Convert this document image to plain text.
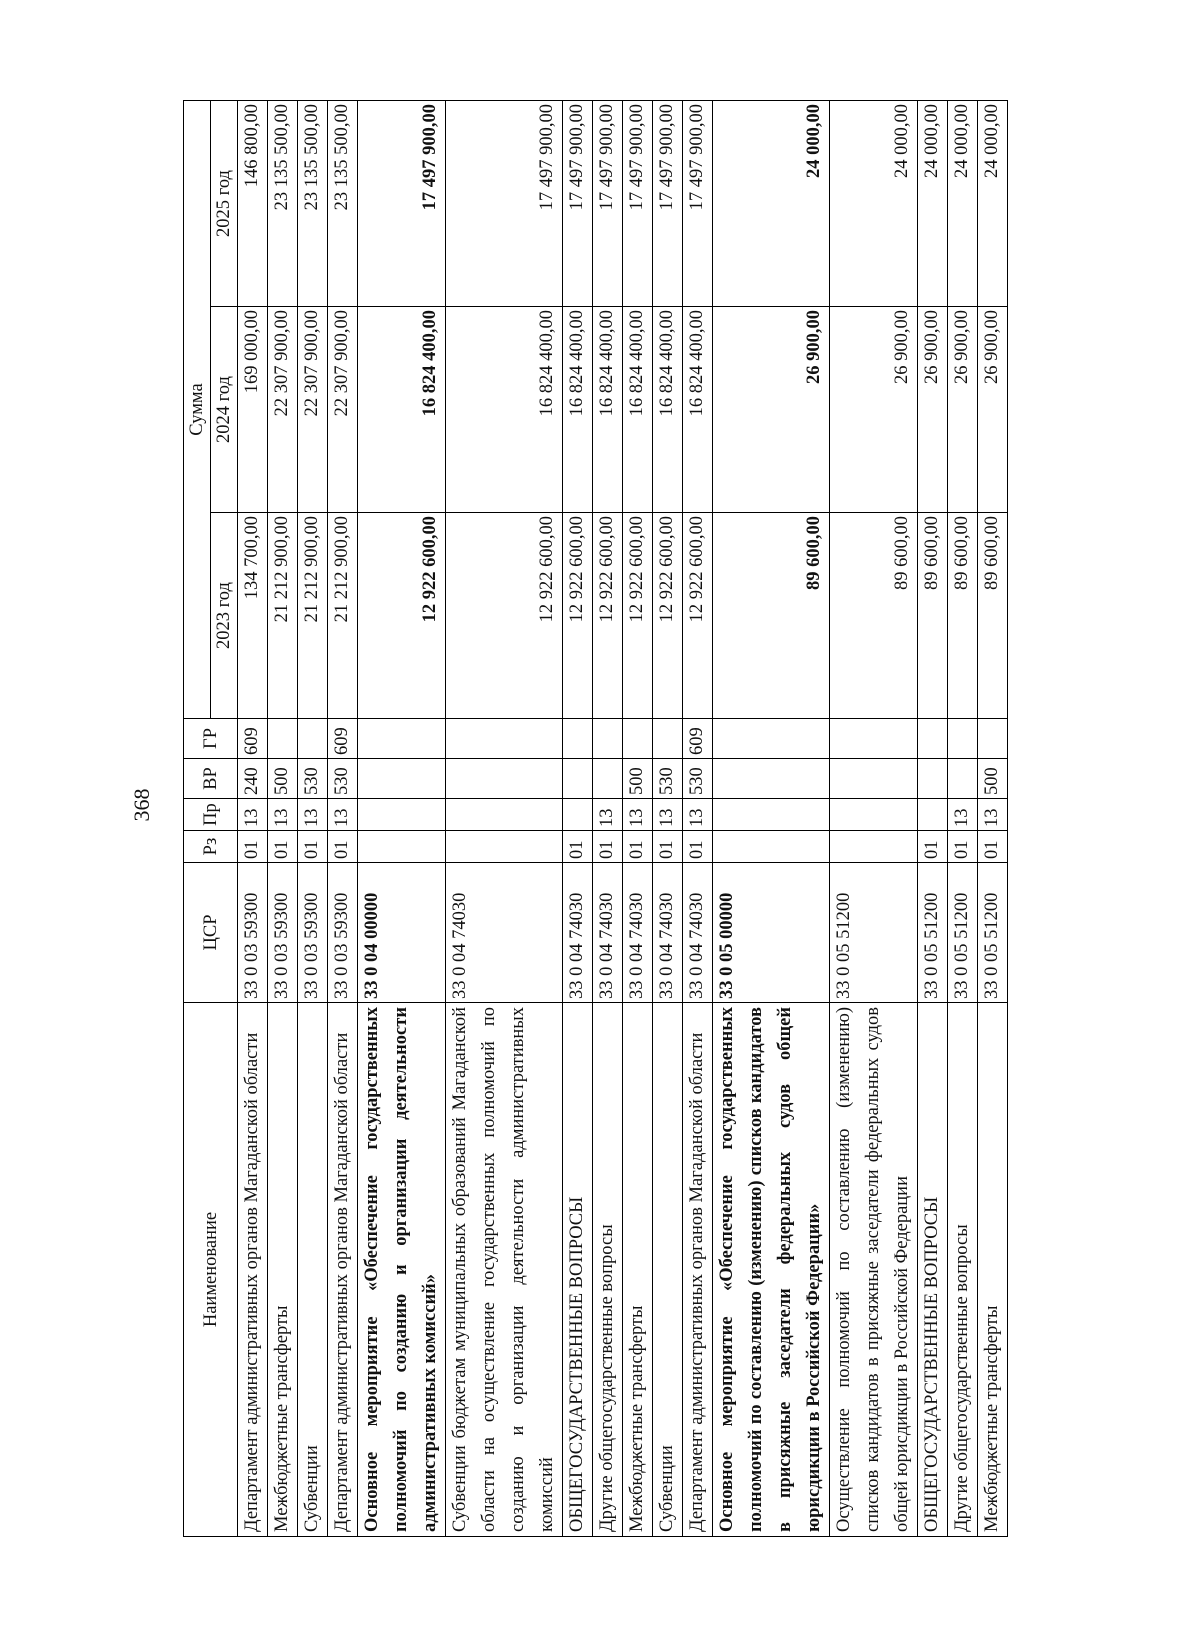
368
Наименование	ЦСР	Рз	Пр	ВР	ГР	Сумма		
						2023 год	2024 год	2025 год
Департамент административных органов Магаданской области	33 0 03 59300	01	13	240	609	134 700,00	169 000,00	146 800,00
Межбюджетные трансферты	33 0 03 59300	01	13	500		21 212 900,00	22 307 900,00	23 135 500,00
Субвенции	33 0 03 59300	01	13	530		21 212 900,00	22 307 900,00	23 135 500,00
Департамент административных органов Магаданской области	33 0 03 59300	01	13	530	609	21 212 900,00	22 307 900,00	23 135 500,00
Основное мероприятие «Обеспечение государственных полномочий по созданию и организации деятельности административных комиссий»	33 0 04 00000					12 922 600,00	16 824 400,00	17 497 900,00
Субвенции бюджетам муниципальных образований Магаданской области на осуществление государственных полномочий по созданию и организации деятельности административных комиссий	33 0 04 74030					12 922 600,00	16 824 400,00	17 497 900,00
ОБЩЕГОСУДАРСТВЕННЫЕ ВОПРОСЫ	33 0 04 74030	01				12 922 600,00	16 824 400,00	17 497 900,00
Другие общегосударственные вопросы	33 0 04 74030	01	13			12 922 600,00	16 824 400,00	17 497 900,00
Межбюджетные трансферты	33 0 04 74030	01	13	500		12 922 600,00	16 824 400,00	17 497 900,00
Субвенции	33 0 04 74030	01	13	530		12 922 600,00	16 824 400,00	17 497 900,00
Департамент административных органов Магаданской области	33 0 04 74030	01	13	530	609	12 922 600,00	16 824 400,00	17 497 900,00
Основное мероприятие «Обеспечение государственных полномочий по составлению (изменению) списков кандидатов в присяжные заседатели федеральных судов общей юрисдикции в Российской Федерации»	33 0 05 00000					89 600,00	26 900,00	24 000,00
Осуществление полномочий по составлению (изменению) списков кандидатов в присяжные заседатели федеральных судов общей юрисдикции в Российской Федерации	33 0 05 51200					89 600,00	26 900,00	24 000,00
ОБЩЕГОСУДАРСТВЕННЫЕ ВОПРОСЫ	33 0 05 51200	01				89 600,00	26 900,00	24 000,00
Другие общегосударственные вопросы	33 0 05 51200	01	13			89 600,00	26 900,00	24 000,00
Межбюджетные трансферты	33 0 05 51200	01	13	500		89 600,00	26 900,00	24 000,00
